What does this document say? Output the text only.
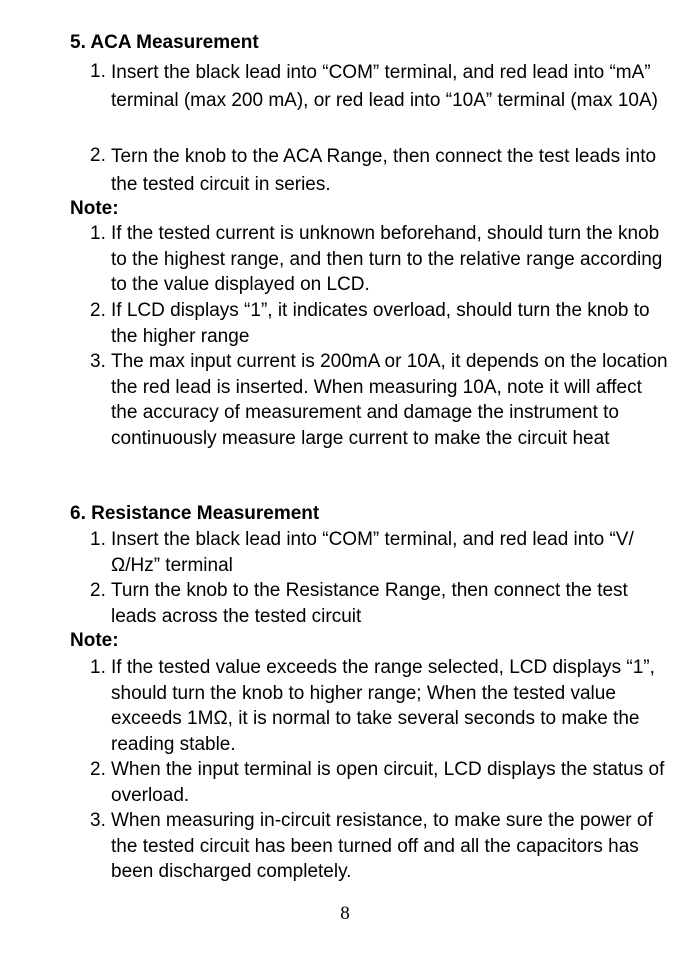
5. ACA Measurement
1. Insert the black lead into “COM” terminal, and red lead into “mA” terminal (max 200 mA), or red lead into “10A” terminal (max 10A)
2. Tern the knob to the ACA Range, then connect the test leads into the tested circuit in series.
Note:
1. If the tested current is unknown beforehand, should turn the knob to the highest range, and then turn to the relative range according to the value displayed on LCD.
2. If LCD displays “1”, it indicates overload, should turn the knob to the higher range
3. The max input current is 200mA or 10A, it depends on the location the red lead is inserted. When measuring 10A, note it will affect the accuracy of measurement and damage the instrument to continuously measure large current to make the circuit heat
6. Resistance Measurement
1. Insert the black lead into “COM” terminal, and red lead into “V/Ω/Hz” terminal
2. Turn the knob to the Resistance Range, then connect the test leads across the tested circuit
Note:
1. If the tested value exceeds the range selected, LCD displays “1”, should turn the knob to higher range; When the tested value exceeds 1MΩ, it is normal to take several seconds to make the reading stable.
2. When the input terminal is open circuit, LCD displays the status of overload.
3. When measuring in-circuit resistance, to make sure the power of the tested circuit has been turned off and all the capacitors has been discharged completely.
8
